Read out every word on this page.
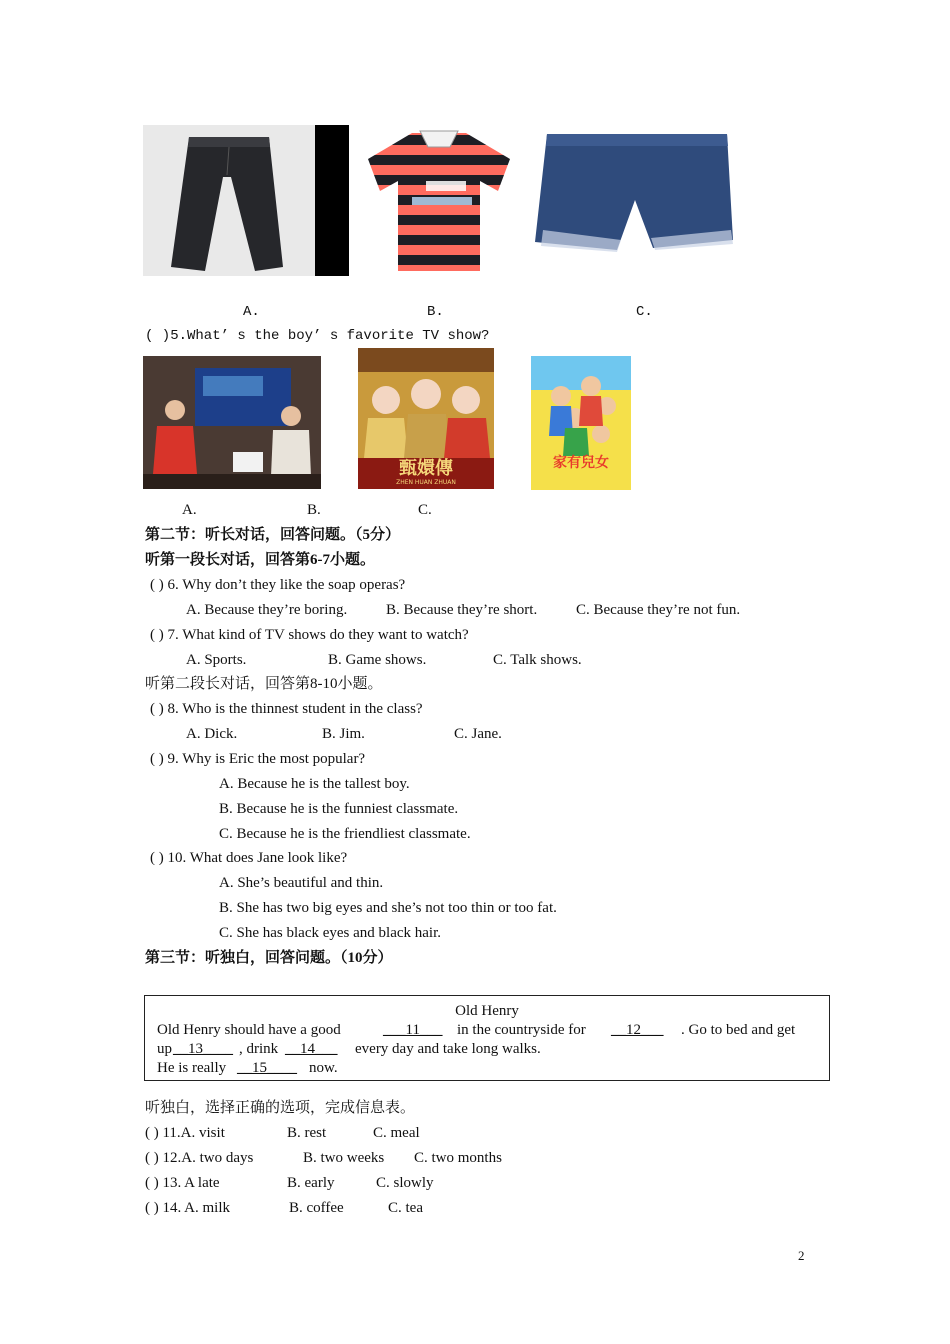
A.	B.	C.
( )5.What’ s the boy’ s favorite TV show?
甄嬛傳
ZHEN HUAN ZHUAN
家有兒女
A.	B.	C.
第二节：听长对话，回答问题。（5分）
听第一段长对话，回答第6-7小题。
( ) 6. Why don’t they like the soap operas?
A. Because they’re boring.	B. Because they’re short.	C. Because they’re not fun.
( ) 7. What kind of TV shows do they want to watch?
A. Sports.	B. Game shows.	C. Talk shows.
听第二段长对话，回答第8-10小题。
( ) 8. Who is the thinnest student in the class?
A. Dick.	B. Jim.	C. Jane.
( ) 9. Why is Eric the most popular?
A. Because he is the tallest boy.
B. Because he is the funniest classmate.
C. Because he is the friendliest classmate.
( ) 10. What does Jane look like?
A. She’s beautiful and thin.
B. She has two big eyes and she’s not too thin or too fat.
C. She has black eyes and black hair.
第三节：听独白，回答问题。（10分）
Old Henry
Old Henry should have a good	___11___ in the countryside for __12___ . Go to bed and get
up __13____ , drink __14___ every day and take long walks.
He is really __15____ now.
听独白，选择正确的选项，完成信息表。
( ) 11.A. visit	B. rest	C. meal
( ) 12.A. two days	B. two weeks C. two months
( ) 13. A late	B. early	C. slowly
( ) 14. A. milk	B. coffee	C. tea
2
